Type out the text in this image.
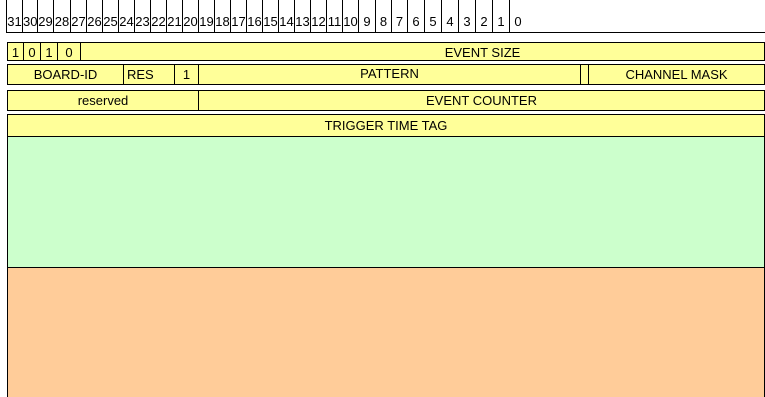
31 30 29 28 27 26 25 24 23 22 21 20 19 18 17 16 15 14 13 12 11 10 9 8 7 6 5 4 3 2 1 0
1 0 1 0	EVENT SIZE
BOARD-ID	RES	1	PATTERN	CHANNEL MASK
reserved	EVENT COUNTER
TRIGGER TIME TAG
